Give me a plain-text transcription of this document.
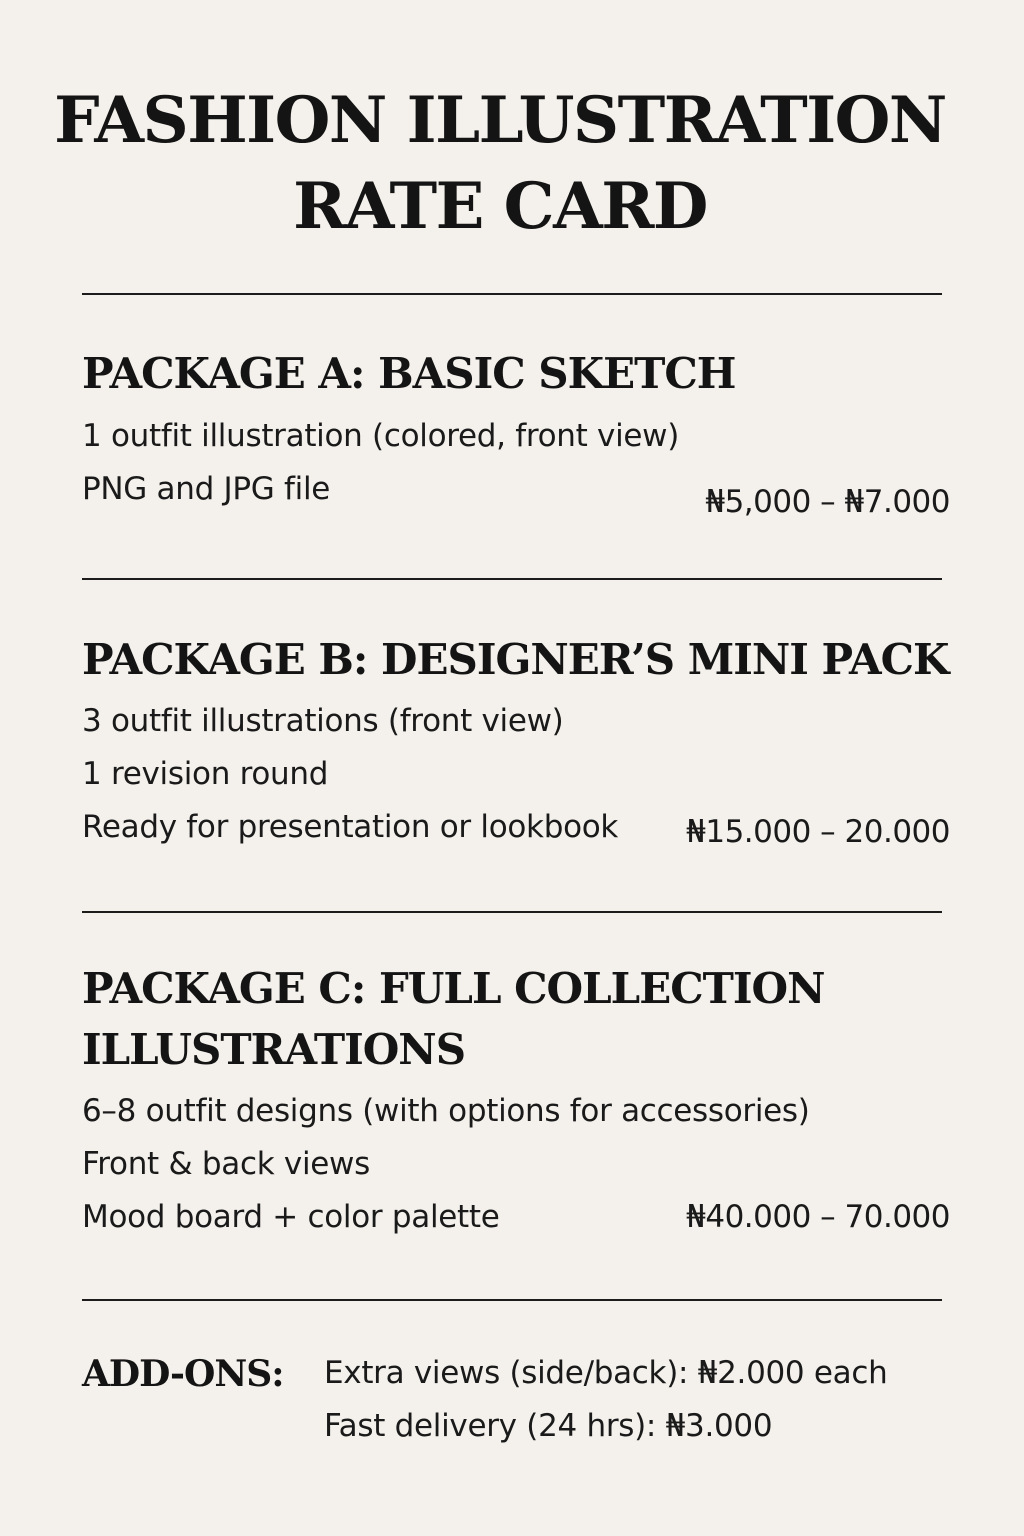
FASHION ILLUSTRATION
RATE CARD
PACKAGE A: BASIC SKETCH
1 outfit illustration (colored, front view)
PNG and JPG file	₦5,000 – ₦7.000
PACKAGE B: DESIGNER’S MINI PACK
3 outfit illustrations (front view)
1 revision round
Ready for presentation or lookbook ₦15.000 – 20.000
PACKAGE C: FULL COLLECTION
ILLUSTRATIONS
6–8 outfit designs (with options for accessories)
Front & back views
Mood board + color palette	₦40.000 – 70.000
ADD-ONS: Extra views (side/back): ₦2.000 each
Fast delivery (24 hrs): ₦3.000
